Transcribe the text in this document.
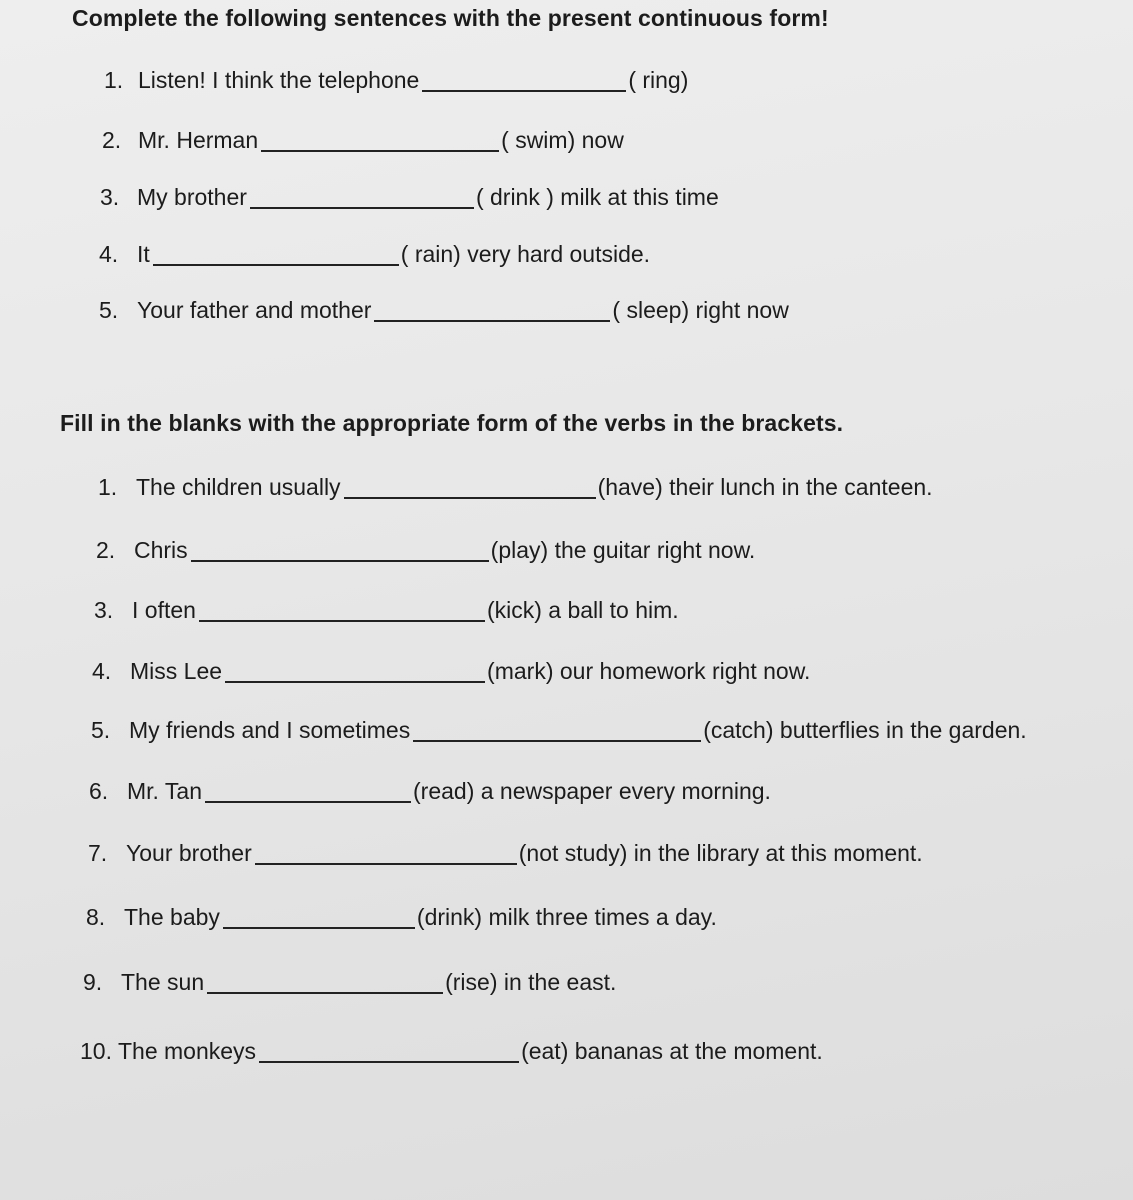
Complete the following sentences with the present continuous form!
1. Listen! I think the telephone	( ring)
2. Mr. Herman	( swim) now
3. My brother	( drink ) milk at this time
4. It	( rain) very hard outside.
5. Your father and mother	( sleep) right now
Fill in the blanks with the appropriate form of the verbs in the brackets.
1. The children usually	(have) their lunch in the canteen.
2. Chris	(play) the guitar right now.
3. I often	(kick) a ball to him.
4. Miss Lee	(mark) our homework right now.
5. My friends and I sometimes	(catch) butterflies in the garden.
6. Mr. Tan	(read) a newspaper every morning.
7. Your brother	(not study) in the library at this moment.
8. The baby	(drink) milk three times a day.
9. The sun	(rise) in the east.
10. The monkeys	(eat) bananas at the moment.
